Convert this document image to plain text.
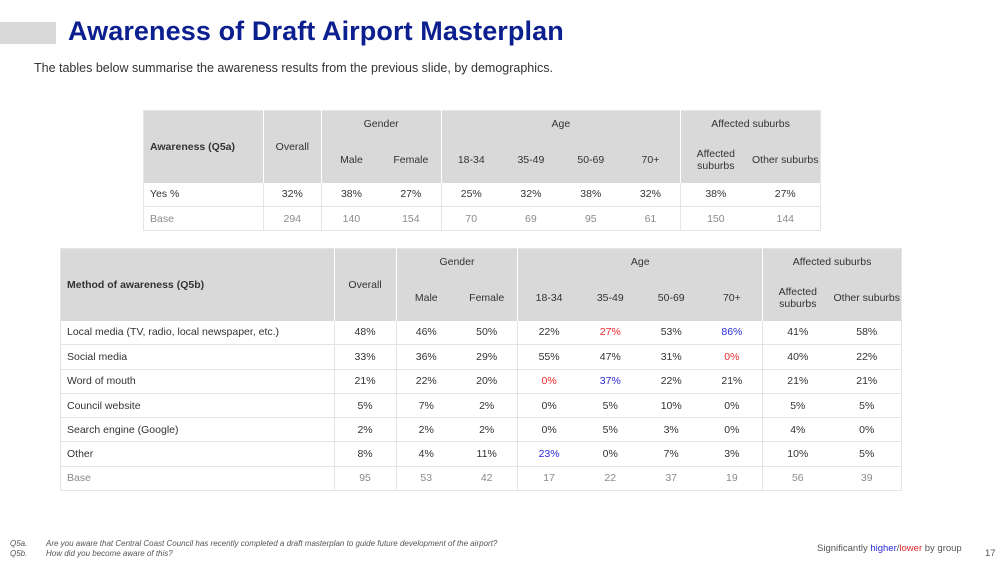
Awareness of Draft Airport Masterplan

The tables below summarise the awareness results from the previous slide, by demographics.

Awareness (Q5a)	Overall	Gender		Age				Affected suburbs	
		Male	Female	18-34	35-49	50-69	70+	Affected suburbs	Other suburbs
Yes %	32%	38%	27%	25%	32%	38%	32%	38%	27%
Base	294	140	154	70	69	95	61	150	144
Method of awareness (Q5b)	Overall	Gender		Age				Affected suburbs	
		Male	Female	18-34	35-49	50-69	70+	Affected suburbs	Other suburbs
Local media (TV, radio, local newspaper, etc.)	48%	46%	50%	22%	27%	53%	86%	41%	58%
Social media	33%	36%	29%	55%	47%	31%	0%	40%	22%
Word of mouth	21%	22%	20%	0%	37%	22%	21%	21%	21%
Council website	5%	7%	2%	0%	5%	10%	0%	5%	5%
Search engine (Google)	2%	2%	2%	0%	5%	3%	0%	4%	0%
Other	8%	4%	11%	23%	0%	7%	3%	10%	5%
Base	95	53	42	17	22	37	19	56	39
Q5a. Are you aware that Central Coast Council has recently completed a draft masterplan to guide future development of the airport?
Q5b. How did you become aware of this?	Significantly higher/lower by group 17
